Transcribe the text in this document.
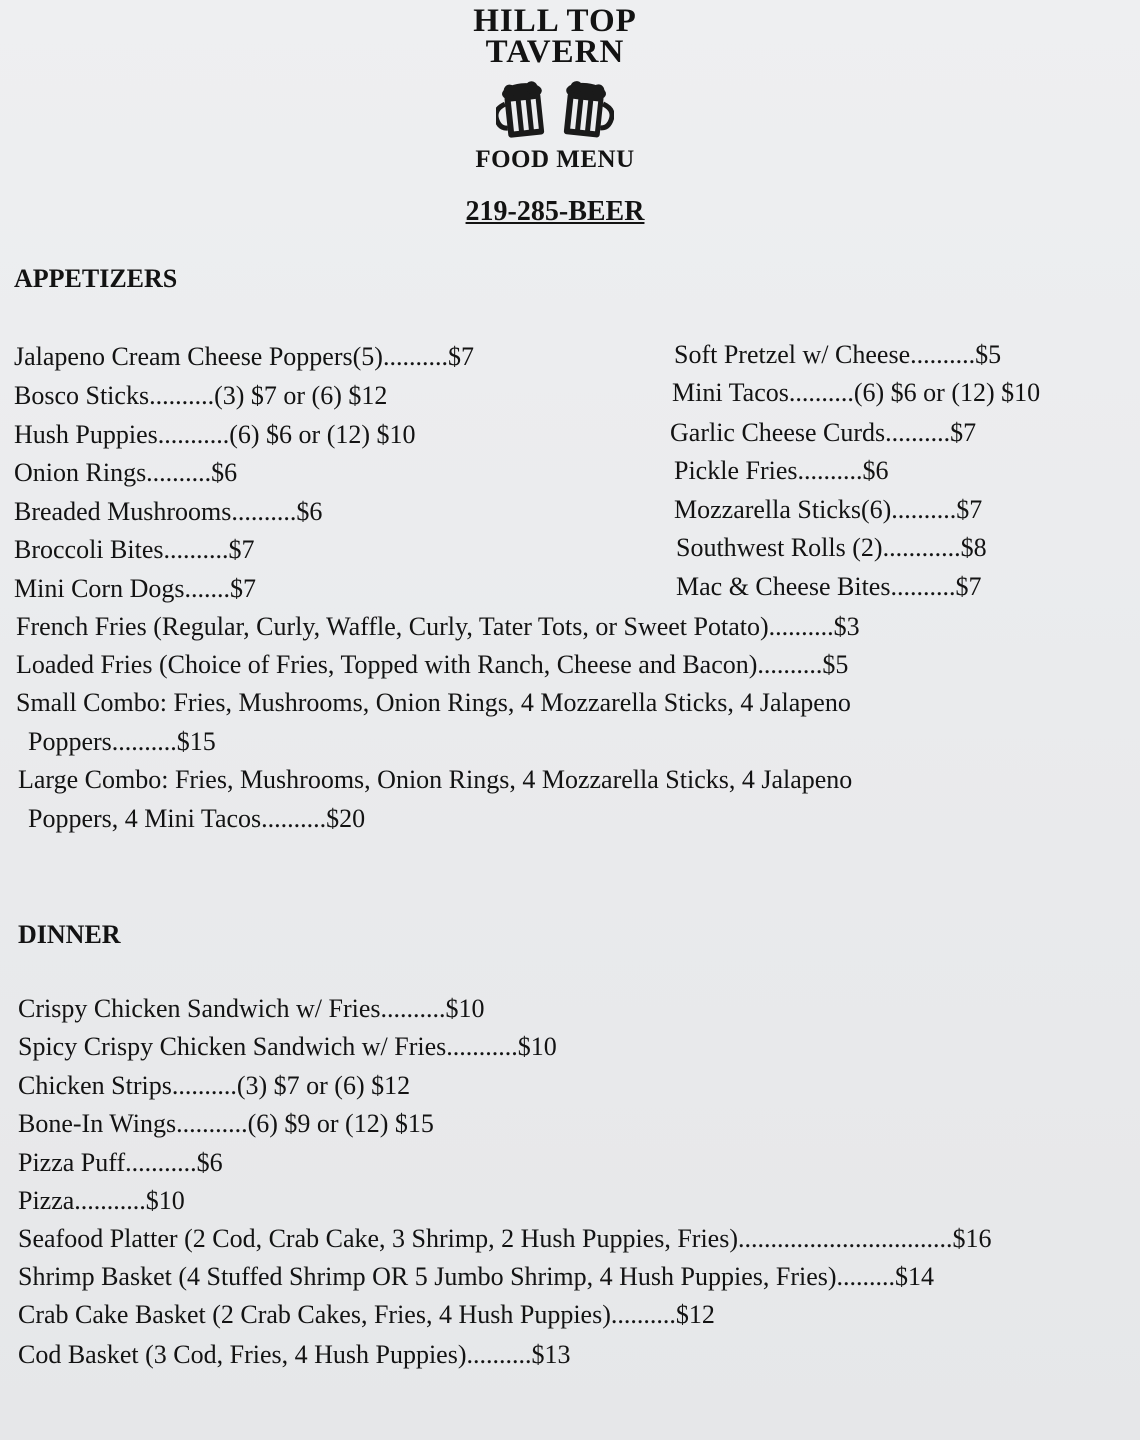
HILL TOP
TAVERN
FOOD MENU
219-285-BEER
APPETIZERS
Jalapeno Cream Cheese Poppers(5)..........$7
Bosco Sticks..........(3) $7 or (6) $12
Hush Puppies...........(6) $6 or (12) $10
Onion Rings..........$6
Breaded Mushrooms..........$6
Broccoli Bites..........$7
Mini Corn Dogs.......$7
Soft Pretzel w/ Cheese..........$5
Mini Tacos..........(6) $6 or (12) $10
Garlic Cheese Curds..........$7
Pickle Fries..........$6
Mozzarella Sticks(6)..........$7
Southwest Rolls (2)............$8
Mac & Cheese Bites..........$7
French Fries (Regular, Curly, Waffle, Curly, Tater Tots, or Sweet Potato)..........$3
Loaded Fries (Choice of Fries, Topped with Ranch, Cheese and Bacon)..........$5
Small Combo: Fries, Mushrooms, Onion Rings, 4 Mozzarella Sticks, 4 Jalapeno
Poppers..........$15
Large Combo: Fries, Mushrooms, Onion Rings, 4 Mozzarella Sticks, 4 Jalapeno
Poppers, 4 Mini Tacos..........$20
DINNER
Crispy Chicken Sandwich w/ Fries..........$10
Spicy Crispy Chicken Sandwich w/ Fries...........$10
Chicken Strips..........(3) $7 or (6) $12
Bone-In Wings...........(6) $9 or (12) $15
Pizza Puff...........$6
Pizza...........$10
Seafood Platter (2 Cod, Crab Cake, 3 Shrimp, 2 Hush Puppies, Fries).................................$16
Shrimp Basket (4 Stuffed Shrimp OR 5 Jumbo Shrimp, 4 Hush Puppies, Fries).........$14
Crab Cake Basket (2 Crab Cakes, Fries, 4 Hush Puppies)..........$12
Cod Basket (3 Cod, Fries, 4 Hush Puppies)..........$13
